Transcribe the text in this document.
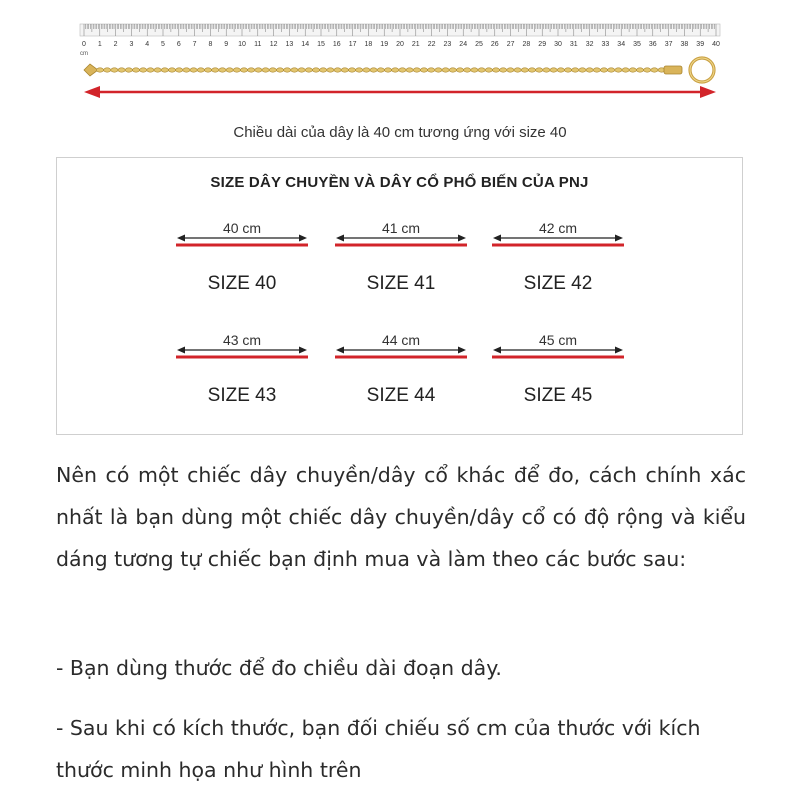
0 1 2 3 4 5 6 7 8 9 10 11 12 13 14 15 16 17 18 19 20 21 22 23 24 25 26 27 28 29 30 31 32 33 34 35 36 37 38 39 40
cm
Chiều dài của dây là 40 cm tương ứng với size 40
SIZE DÂY CHUYỀN VÀ DÂY CỔ PHỔ BIẾN CỦA PNJ
40 cm
SIZE 40
41 cm
SIZE 41
42 cm
SIZE 42
43 cm
SIZE 43
44 cm
SIZE 44
45 cm
SIZE 45
Nên có một chiếc dây chuyền/dây cổ khác để đo, cách chính xác nhất là bạn dùng một chiếc dây chuyền/dây cổ có độ rộng và kiểu dáng tương tự chiếc bạn định mua và làm theo các bước sau:
- Bạn dùng thước để đo chiều dài đoạn dây.
- Sau khi có kích thước, bạn đối chiếu số cm của thước với kích thước minh họa như hình trên
